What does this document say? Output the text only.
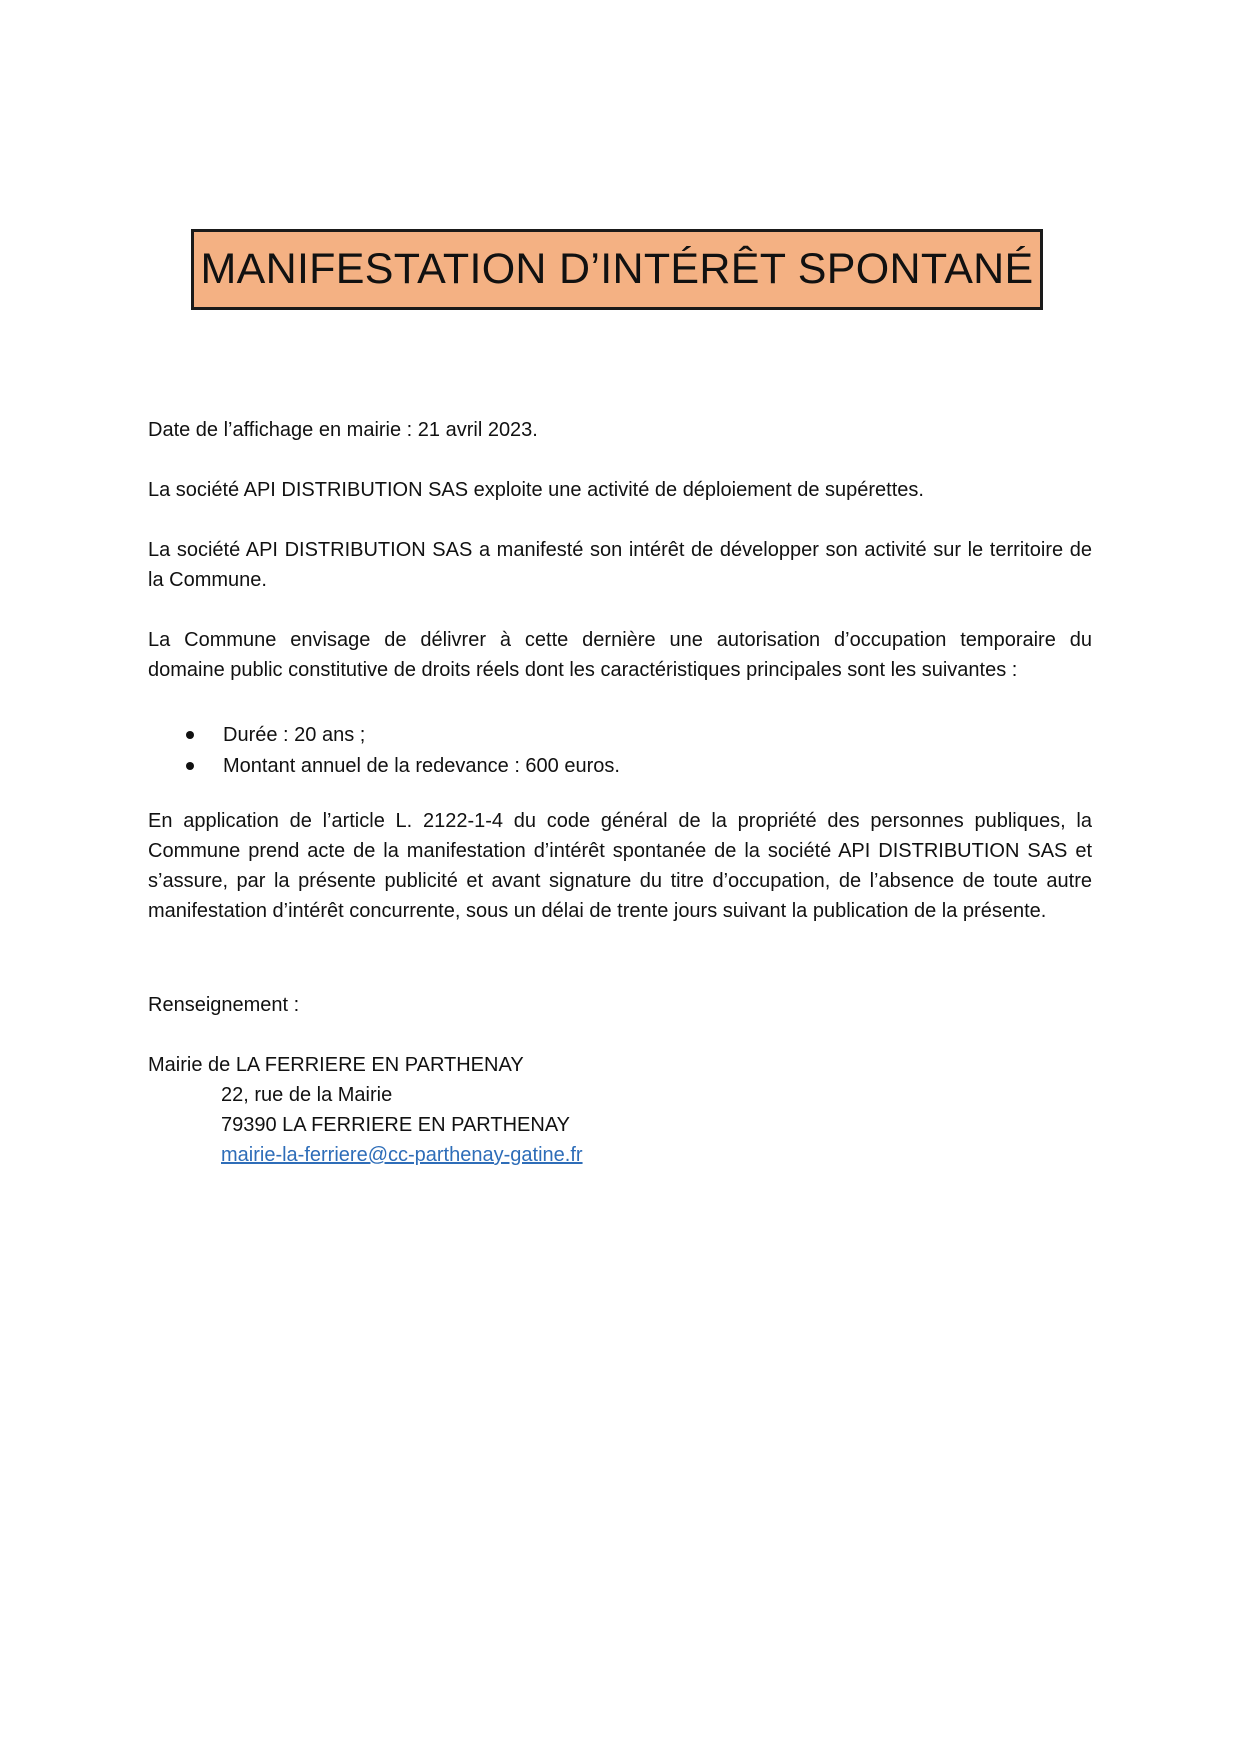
MANIFESTATION D’INTÉRÊT SPONTANÉ

Date de l’affichage en mairie : 21 avril 2023.

La société API DISTRIBUTION SAS exploite une activité de déploiement de supérettes.

La société API DISTRIBUTION SAS a manifesté son intérêt de développer son activité sur le territoire de
la Commune.

La Commune envisage de délivrer à cette dernière une autorisation d’occupation temporaire du
domaine public constitutive de droits réels dont les caractéristiques principales sont les suivantes :

Durée : 20 ans ;
Montant annuel de la redevance : 600 euros.

En application de l’article L. 2122-1-4 du code général de la propriété des personnes publiques, la
Commune prend acte de la manifestation d’intérêt spontanée de la société API DISTRIBUTION SAS et
s’assure, par la présente publicité et avant signature du titre d’occupation, de l’absence de toute autre
manifestation d’intérêt concurrente, sous un délai de trente jours suivant la publication de la présente.

Renseignement :

Mairie de LA FERRIERE EN PARTHENAY
22, rue de la Mairie
79390 LA FERRIERE EN PARTHENAY
mairie-la-ferriere@cc-parthenay-gatine.fr
